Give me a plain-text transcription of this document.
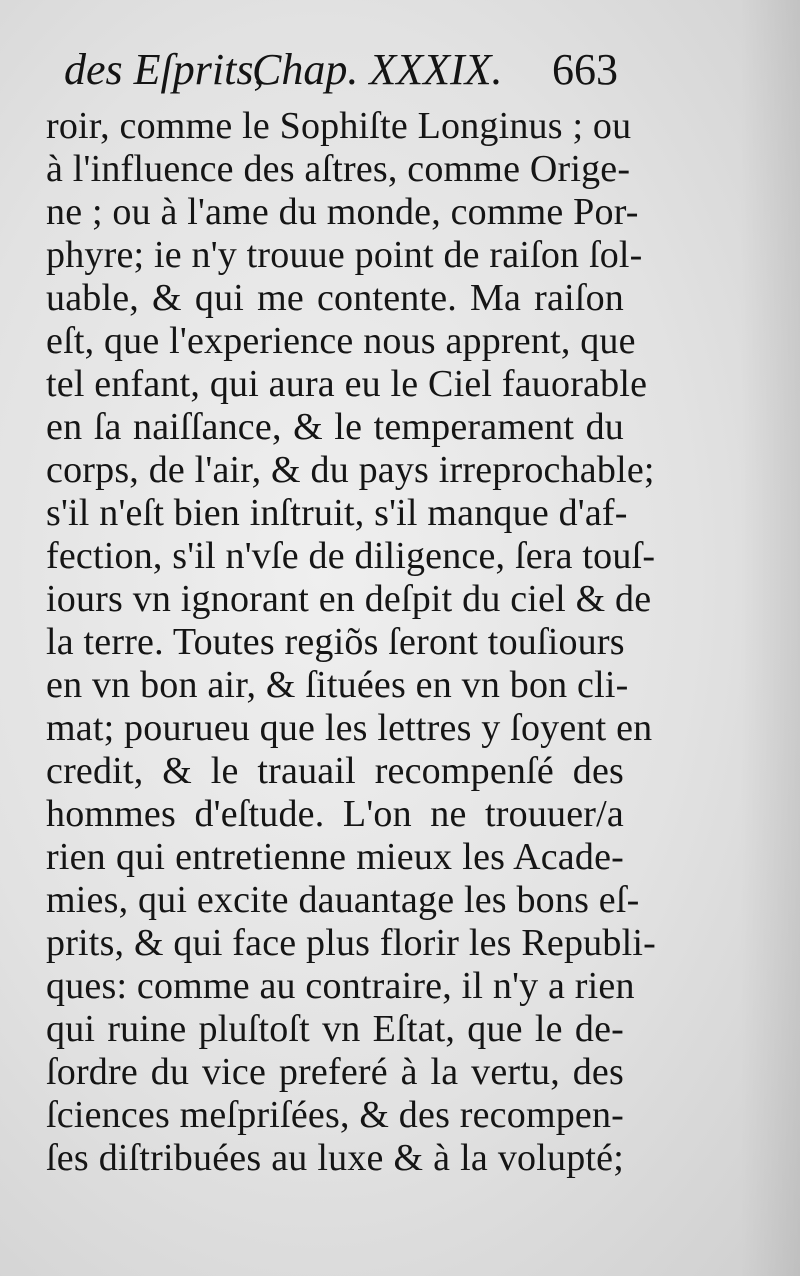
des Eſprits,
Chap. XXXIX. 663
roir, comme le Sophiſte Longinus ; ou
à l'influence des aſtres, comme Orige-
ne ; ou à l'ame du monde, comme Por-
phyre; ie n'y trouue point de raiſon ſol-
uable, & qui me contente. Ma raiſon
eſt, que l'experience nous apprent, que
tel enfant, qui aura eu le Ciel fauorable
en ſa naiſſance, & le temperament du
corps, de l'air, & du pays irreprochable;
s'il n'eſt bien inſtruit, s'il manque d'af-
fection, s'il n'vſe de diligence, ſera touſ-
iours vn ignorant en deſpit du ciel & de
la terre. Toutes regiõs ſeront touſiours
en vn bon air, & ſituées en vn bon cli-
mat; pourueu que les lettres y ſoyent en
credit, & le trauail recompenſé des
hommes d'eſtude. L'on ne trouuer/a
rien qui entretienne mieux les Acade-
mies, qui excite dauantage les bons eſ-
prits, & qui face plus florir les Republi-
ques: comme au contraire, il n'y a rien
qui ruine pluſtoſt vn Eſtat, que le de-
ſordre du vice preferé à la vertu, des
ſciences meſpriſées, & des recompen-
ſes diſtribuées au luxe & à la volupté;
